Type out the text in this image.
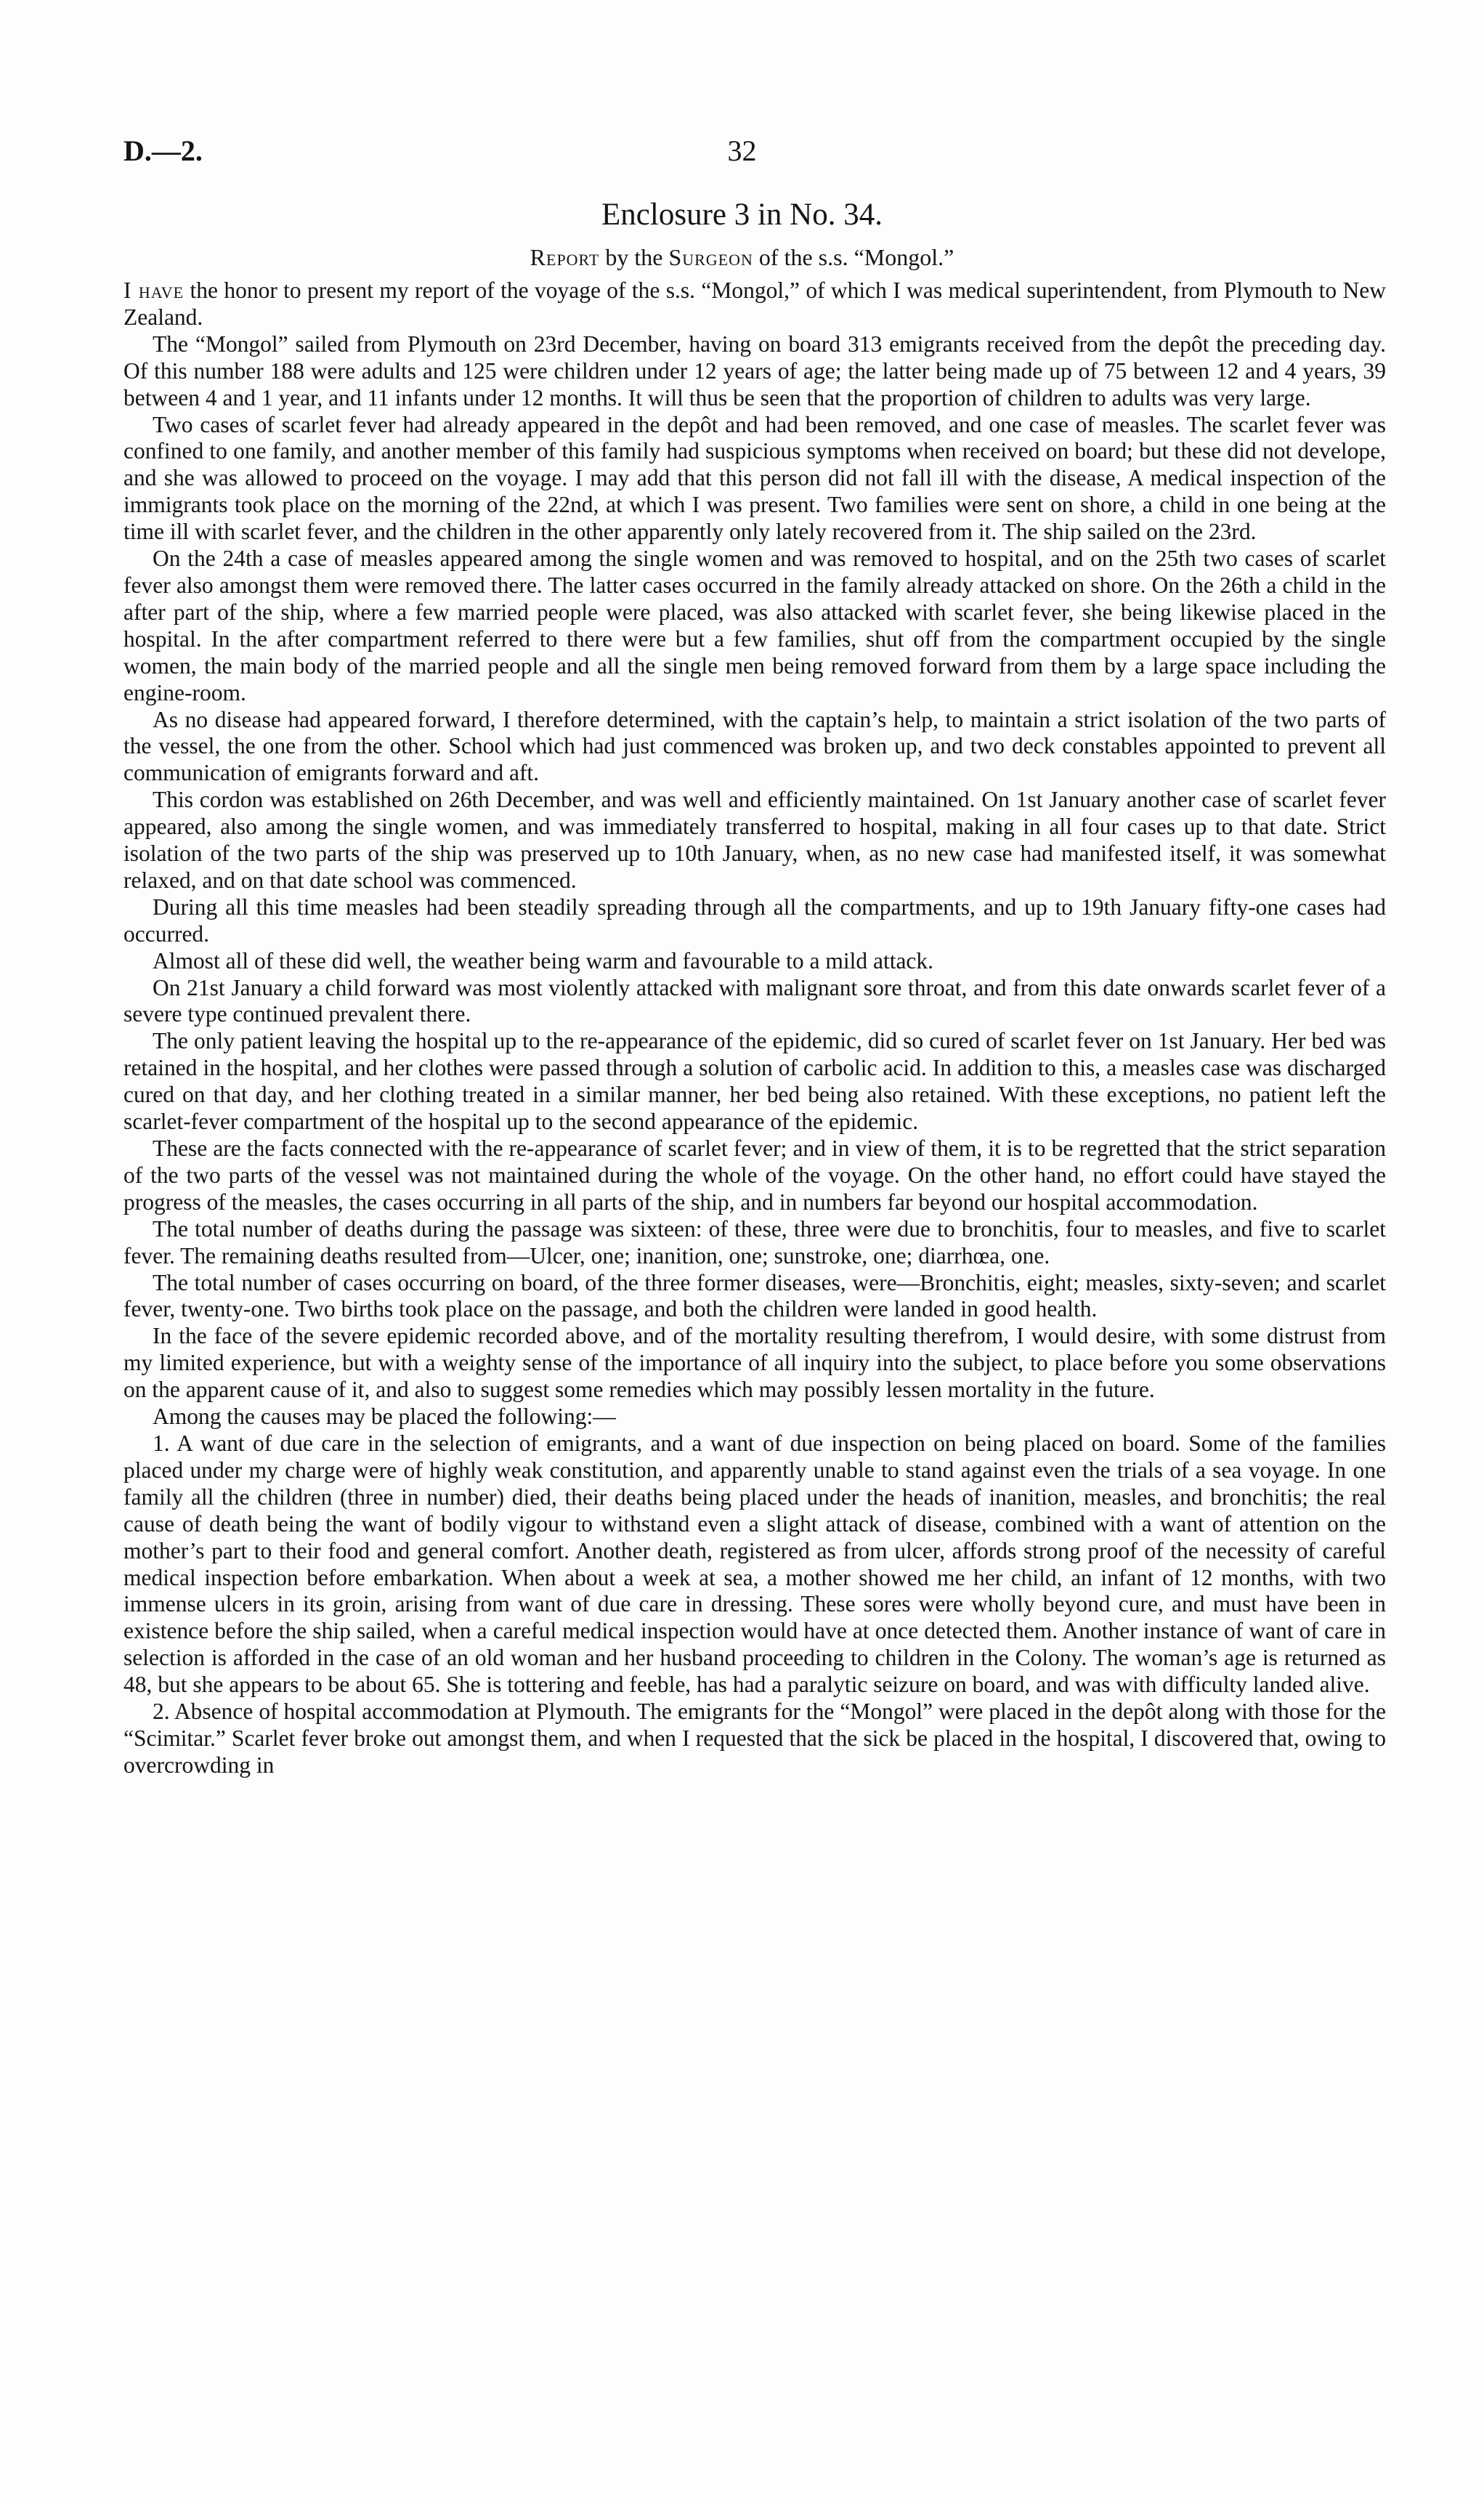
D.—2.	32
Enclosure 3 in No. 34.
Report by the Surgeon of the s.s. “Mongol.”

I have the honor to present my report of the voyage of the s.s. “Mongol,” of which I was medical superintendent, from Plymouth to New Zealand.

The “Mongol” sailed from Plymouth on 23rd December, having on board 313 emigrants received from the depôt the preceding day. Of this number 188 were adults and 125 were children under 12 years of age; the latter being made up of 75 between 12 and 4 years, 39 between 4 and 1 year, and 11 infants under 12 months. It will thus be seen that the proportion of children to adults was very large.

Two cases of scarlet fever had already appeared in the depôt and had been removed, and one case of measles. The scarlet fever was confined to one family, and another member of this family had suspicious symptoms when received on board; but these did not develope, and she was allowed to proceed on the voyage. I may add that this person did not fall ill with the disease, A medical inspection of the immigrants took place on the morning of the 22nd, at which I was present. Two families were sent on shore, a child in one being at the time ill with scarlet fever, and the children in the other apparently only lately recovered from it. The ship sailed on the 23rd.

On the 24th a case of measles appeared among the single women and was removed to hospital, and on the 25th two cases of scarlet fever also amongst them were removed there. The latter cases occurred in the family already attacked on shore. On the 26th a child in the after part of the ship, where a few married people were placed, was also attacked with scarlet fever, she being likewise placed in the hospital. In the after compartment referred to there were but a few families, shut off from the compartment occupied by the single women, the main body of the married people and all the single men being removed forward from them by a large space including the engine-room.

As no disease had appeared forward, I therefore determined, with the captain’s help, to maintain a strict isolation of the two parts of the vessel, the one from the other. School which had just commenced was broken up, and two deck constables appointed to prevent all communication of emigrants forward and aft.

This cordon was established on 26th December, and was well and efficiently maintained. On 1st January another case of scarlet fever appeared, also among the single women, and was immediately transferred to hospital, making in all four cases up to that date. Strict isolation of the two parts of the ship was preserved up to 10th January, when, as no new case had manifested itself, it was somewhat relaxed, and on that date school was commenced.

During all this time measles had been steadily spreading through all the compartments, and up to 19th January fifty-one cases had occurred.

Almost all of these did well, the weather being warm and favourable to a mild attack.

On 21st January a child forward was most violently attacked with malignant sore throat, and from this date onwards scarlet fever of a severe type continued prevalent there.

The only patient leaving the hospital up to the re-appearance of the epidemic, did so cured of scarlet fever on 1st January. Her bed was retained in the hospital, and her clothes were passed through a solution of carbolic acid. In addition to this, a measles case was discharged cured on that day, and her clothing treated in a similar manner, her bed being also retained. With these exceptions, no patient left the scarlet-fever compartment of the hospital up to the second appearance of the epidemic.

These are the facts connected with the re-appearance of scarlet fever; and in view of them, it is to be regretted that the strict separation of the two parts of the vessel was not maintained during the whole of the voyage. On the other hand, no effort could have stayed the progress of the measles, the cases occurring in all parts of the ship, and in numbers far beyond our hospital accommodation.

The total number of deaths during the passage was sixteen: of these, three were due to bronchitis, four to measles, and five to scarlet fever. The remaining deaths resulted from—Ulcer, one; inanition, one; sunstroke, one; diarrhœa, one.

The total number of cases occurring on board, of the three former diseases, were—Bronchitis, eight; measles, sixty-seven; and scarlet fever, twenty-one. Two births took place on the passage, and both the children were landed in good health.

In the face of the severe epidemic recorded above, and of the mortality resulting therefrom, I would desire, with some distrust from my limited experience, but with a weighty sense of the importance of all inquiry into the subject, to place before you some observations on the apparent cause of it, and also to suggest some remedies which may possibly lessen mortality in the future.

Among the causes may be placed the following:—

1. A want of due care in the selection of emigrants, and a want of due inspection on being placed on board. Some of the families placed under my charge were of highly weak constitution, and apparently unable to stand against even the trials of a sea voyage. In one family all the children (three in number) died, their deaths being placed under the heads of inanition, measles, and bronchitis; the real cause of death being the want of bodily vigour to withstand even a slight attack of disease, combined with a want of attention on the mother’s part to their food and general comfort. Another death, registered as from ulcer, affords strong proof of the necessity of careful medical inspection before embarkation. When about a week at sea, a mother showed me her child, an infant of 12 months, with two immense ulcers in its groin, arising from want of due care in dressing. These sores were wholly beyond cure, and must have been in existence before the ship sailed, when a careful medical inspection would have at once detected them. Another instance of want of care in selection is afforded in the case of an old woman and her husband proceeding to children in the Colony. The woman’s age is returned as 48, but she appears to be about 65. She is tottering and feeble, has had a paralytic seizure on board, and was with difficulty landed alive.

2. Absence of hospital accommodation at Plymouth. The emigrants for the “Mongol” were placed in the depôt along with those for the “Scimitar.” Scarlet fever broke out amongst them, and when I requested that the sick be placed in the hospital, I discovered that, owing to overcrowding in
